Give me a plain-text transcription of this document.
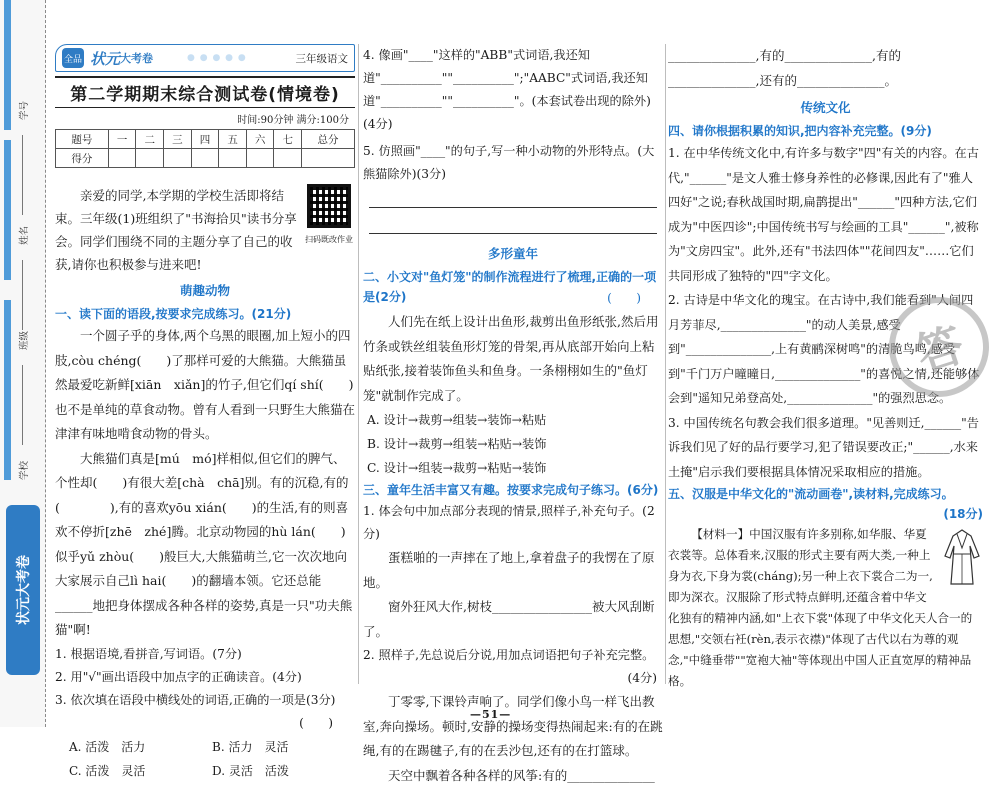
学号
姓名
班级
学校
状元大考卷
全品 状元 大考卷	● ● ● ● ●	三年级语文
第二学期期末综合测试卷(情境卷)
时间:90分钟 满分:100分
题号	一	二	三	四	五	六	七	总分
得分								

亲爱的同学,本学期的学校生活即将结束。三年级(1)班组织了"书海拾贝"读书分享会。同学们围绕不同的主题分享了自己的收获,请你也积极参与进来吧!

扫码既改作业
萌趣动物
一、读下面的语段,按要求完成练习。(21分)

一个圆子乎的身体,两个乌黑的眼圈,加上短小的四肢,còu chéng(　　)了那样可爱的大熊猫。大熊猫虽然最爱吃新鲜[xiān　xiǎn]的竹子,但它们qí shí(　　)也不是单纯的草食动物。曾有人看到一只野生大熊猫在津津有味地啃食动物的骨头。

大熊猫们真是[mú　mó]样相似,但它们的脾气、个性却(　　)有很大差[chà　chā]别。有的沉稳,有的(　　　　),有的喜欢yōu xián(　　)的生活,有的则喜欢不停折[zhē　zhé]腾。北京动物园的hù lán(　　)似乎yǔ zhòu(　　)般巨大,大熊猫萌兰,它一次次地向大家展示自己lì hai(　　)的翻墙本领。它还总能______地把身体摆成各种各样的姿势,真是一只"功夫熊猫"啊!

1. 根据语境,看拼音,写词语。(7分)
2. 用"√"画出语段中加点字的正确读音。(4分)
3. 依次填在语段中横线处的词语,正确的一项是(3分)
(　　)
A. 活泼　活力	B. 活力　灵活
C. 活泼　灵活	D. 灵活　活泼
4. 像画"____"这样的"ABB"式词语,我还知道"__________""__________";"AABC"式词语,我还知道"__________""__________"。(本套试卷出现的除外)(4分)
5. 仿照画"____"的句子,写一种小动物的外形特点。(大熊猫除外)(3分)
多形童年
二、小文对"鱼灯笼"的制作流程进行了梳理,正确的一项是(2分)	(　　)

人们先在纸上设计出鱼形,裁剪出鱼形纸张,然后用竹条或铁丝组装鱼形灯笼的骨架,再从底部开始向上粘贴纸张,接着装饰鱼头和鱼身。一条栩栩如生的"鱼灯笼"就制作完成了。

A. 设计→裁剪→组装→装饰→粘贴
B. 设计→裁剪→组装→粘贴→装饰
C. 设计→组装→裁剪→粘贴→装饰
三、童年生活丰富又有趣。按要求完成句子练习。(6分)
1. 体会句中加点部分表现的情景,照样子,补充句子。(2分)

蛋糕啪的一声摔在了地上,拿着盘子的我愣在了原地。

窗外狂风大作,树枝________________被大风刮断了。

2. 照样子,先总说后分说,用加点词语把句子补充完整。
(4分)

丁零零,下课铃声响了。同学们像小鸟一样飞出教室,奔向操场。顿时,安静的操场变得热闹起来:有的在跳绳,有的在踢毽子,有的在丢沙包,还有的在打篮球。

天空中飘着各种各样的风筝:有的______________

______________,有的______________,有的______________,还有的______________。

传统文化
四、请你根据积累的知识,把内容补充完整。(9分)
1. 在中华传统文化中,有许多与数字"四"有关的内容。在古代,"______"是文人雅士修身养性的必修课,因此有了"雅人四好"之说;春秋战国时期,扁鹊提出"______"四种方法,它们成为"中医四诊";中国传统书写与绘画的工具"______",被称为"文房四宝"。此外,还有"书法四体""花间四友"……它们共同形成了独特的"四"字文化。
2. 古诗是中华文化的瑰宝。在古诗中,我们能看到"人间四月芳菲尽,______________"的动人美景,感受到"______________,上有黄鹂深树鸣"的清脆鸟鸣,感受到"千门万户曈曈日,______________"的喜悦之情,还能够体会到"遥知兄弟登高处,______________"的强烈思念。
3. 中国传统名句教会我们很多道理。"见善则迁,______"告诉我们见了好的品行要学习,犯了错误要改正;"______,水来土掩"启示我们要根据具体情况采取相应的措施。
五、汉服是中华文化的"流动画卷",读材料,完成练习。
(18分)

【材料一】中国汉服有许多别称,如华服、华夏衣裳等。总体看来,汉服的形式主要有两大类,一种上身为衣,下身为裳(cháng);另一种上衣下裳合二为一,即为深衣。汉服除了形式特点鲜明,还蕴含着中华文化独有的精神内涵,如"上衣下裳"体现了中华文化天人合一的思想,"交领右衽(rèn,表示衣襟)"体现了古代以右为尊的观念,"中缝垂带""宽袍大袖"等体现出中国人正直宽厚的精神品格。

答
—51—
